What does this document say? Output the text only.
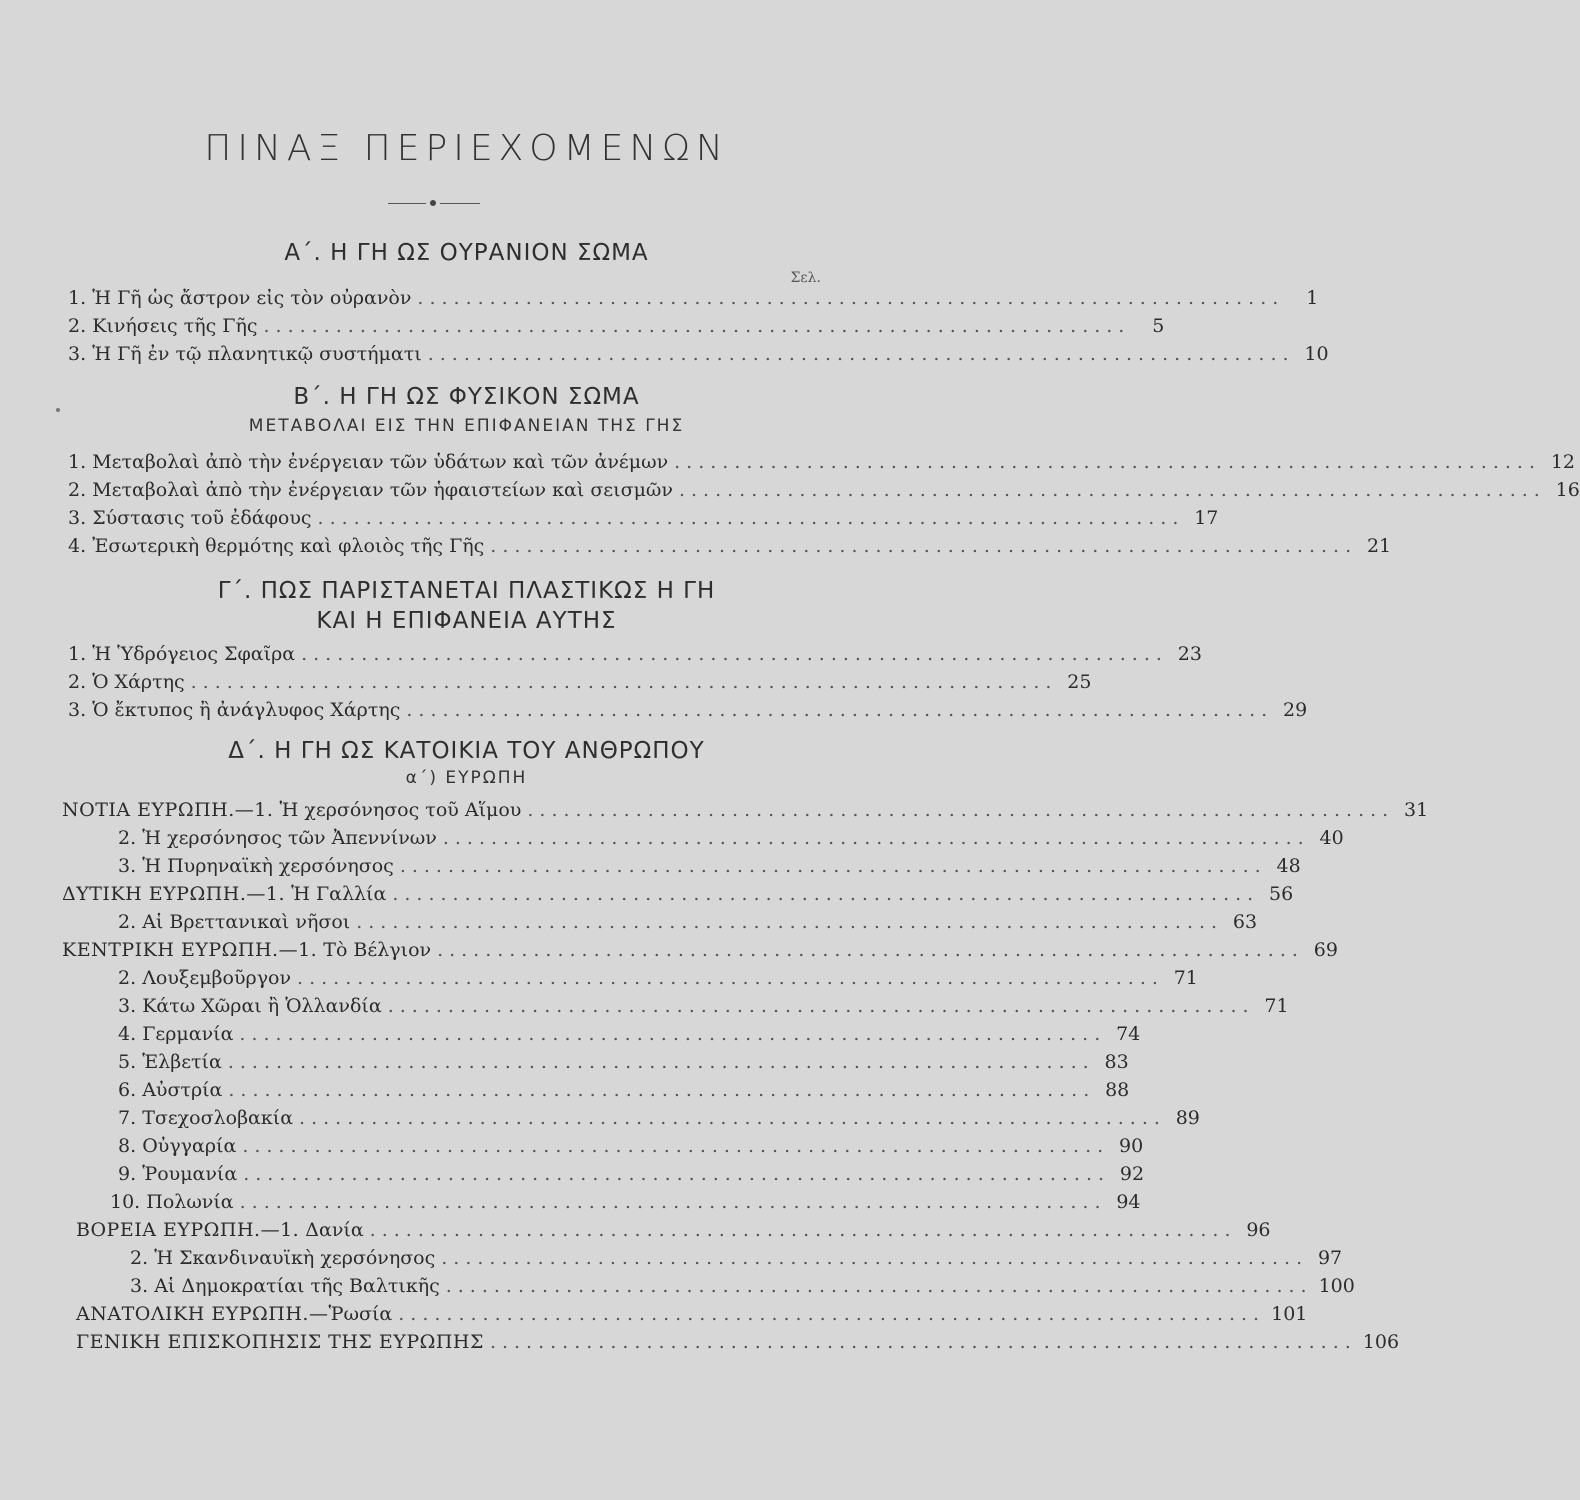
ΠΙΝΑΞ ΠΕΡΙΕΧΟΜΕΝΩΝ
Α΄. Η ΓΗ ΩΣ ΟΥΡΑΝΙΟΝ ΣΩΜΑ
Σελ.
1.
Ἡ Γῆ ὡς ἄστρον εἰς τὸν οὐρανὸν ........................................................................	1
2.
Κινήσεις τῆς Γῆς ........................................................................	5
3.
Ἡ Γῆ ἐν τῷ πλανητικῷ συστήματι ........................................................................ 10
Β΄. Η ΓΗ ΩΣ ΦΥΣΙΚΟΝ ΣΩΜΑ
ΜΕΤΑΒΟΛΑΙ ΕΙΣ ΤΗΝ ΕΠΙΦΑΝΕΙΑΝ ΤΗΣ ΓΗΣ
1.
Μεταβολαὶ ἀπὸ τὴν ἐνέργειαν τῶν ὑδάτων καὶ τῶν ἀνέμων ........................................................................ 12
2.
Μεταβολαὶ ἀπὸ τὴν ἐνέργειαν τῶν ἡφαιστείων καὶ σεισμῶν ........................................................................ 16
3.
Σύστασις τοῦ ἐδάφους ........................................................................ 17
4.
Ἐσωτερικὴ θερμότης καὶ φλοιὸς τῆς Γῆς ........................................................................ 21
Γ΄. ΠΩΣ ΠΑΡΙΣΤΑΝΕΤΑΙ ΠΛΑΣΤΙΚΩΣ Η ΓΗ
ΚΑΙ Η ΕΠΙΦΑΝΕΙΑ ΑΥΤΗΣ
1.
Ἡ Ὑδρόγειος Σφαῖρα ........................................................................ 23
2.
Ὁ Χάρτης ........................................................................ 25
3.
Ὁ ἔκτυπος ἢ ἀνάγλυφος Χάρτης ........................................................................ 29
Δ΄. Η ΓΗ ΩΣ ΚΑΤΟΙΚΙΑ ΤΟΥ ΑΝΘΡΩΠΟΥ
α΄) ΕΥΡΩΠΗ
ΝΟΤΙΑ ΕΥΡΩΠΗ.—1.
Ἡ χερσόνησος τοῦ Αἵμου ........................................................................ 31
2.
Ἡ χερσόνησος τῶν Ἀπεννίνων ........................................................................ 40
3.
Ἡ Πυρηναϊκὴ χερσόνησος ........................................................................ 48
ΔΥΤΙΚΗ ΕΥΡΩΠΗ.—1.
Ἡ Γαλλία ........................................................................ 56
2.
Αἱ Βρεττανικαὶ νῆσοι ........................................................................ 63
ΚΕΝΤΡΙΚΗ ΕΥΡΩΠΗ.—1.
Τὸ Βέλγιον ........................................................................ 69
2.
Λουξεμβοῦργον ........................................................................ 71
3.
Κάτω Χῶραι ἢ Ὁλλανδία ........................................................................ 71
4.
Γερμανία ........................................................................ 74
5.
Ἑλβετία ........................................................................ 83
6.
Αὐστρία ........................................................................ 88
7.
Τσεχοσλοβακία ........................................................................ 89
8.
Οὐγγαρία ........................................................................ 90
9.
Ῥουμανία ........................................................................ 92
10.
Πολωνία ........................................................................ 94
ΒΟΡΕΙΑ ΕΥΡΩΠΗ.—1.
Δανία ........................................................................ 96
2.
Ἡ Σκανδιναυϊκὴ χερσόνησος ........................................................................ 97
3.
Αἱ Δημοκρατίαι τῆς Βαλτικῆς ........................................................................ 100
ΑΝΑΤΟΛΙΚΗ ΕΥΡΩΠΗ.— Ῥωσία ........................................................................ 101
ΓΕΝΙΚΗ ΕΠΙΣΚΟΠΗΣΙΣ ΤΗΣ ΕΥΡΩΠΗΣ ........................................................................ 106
